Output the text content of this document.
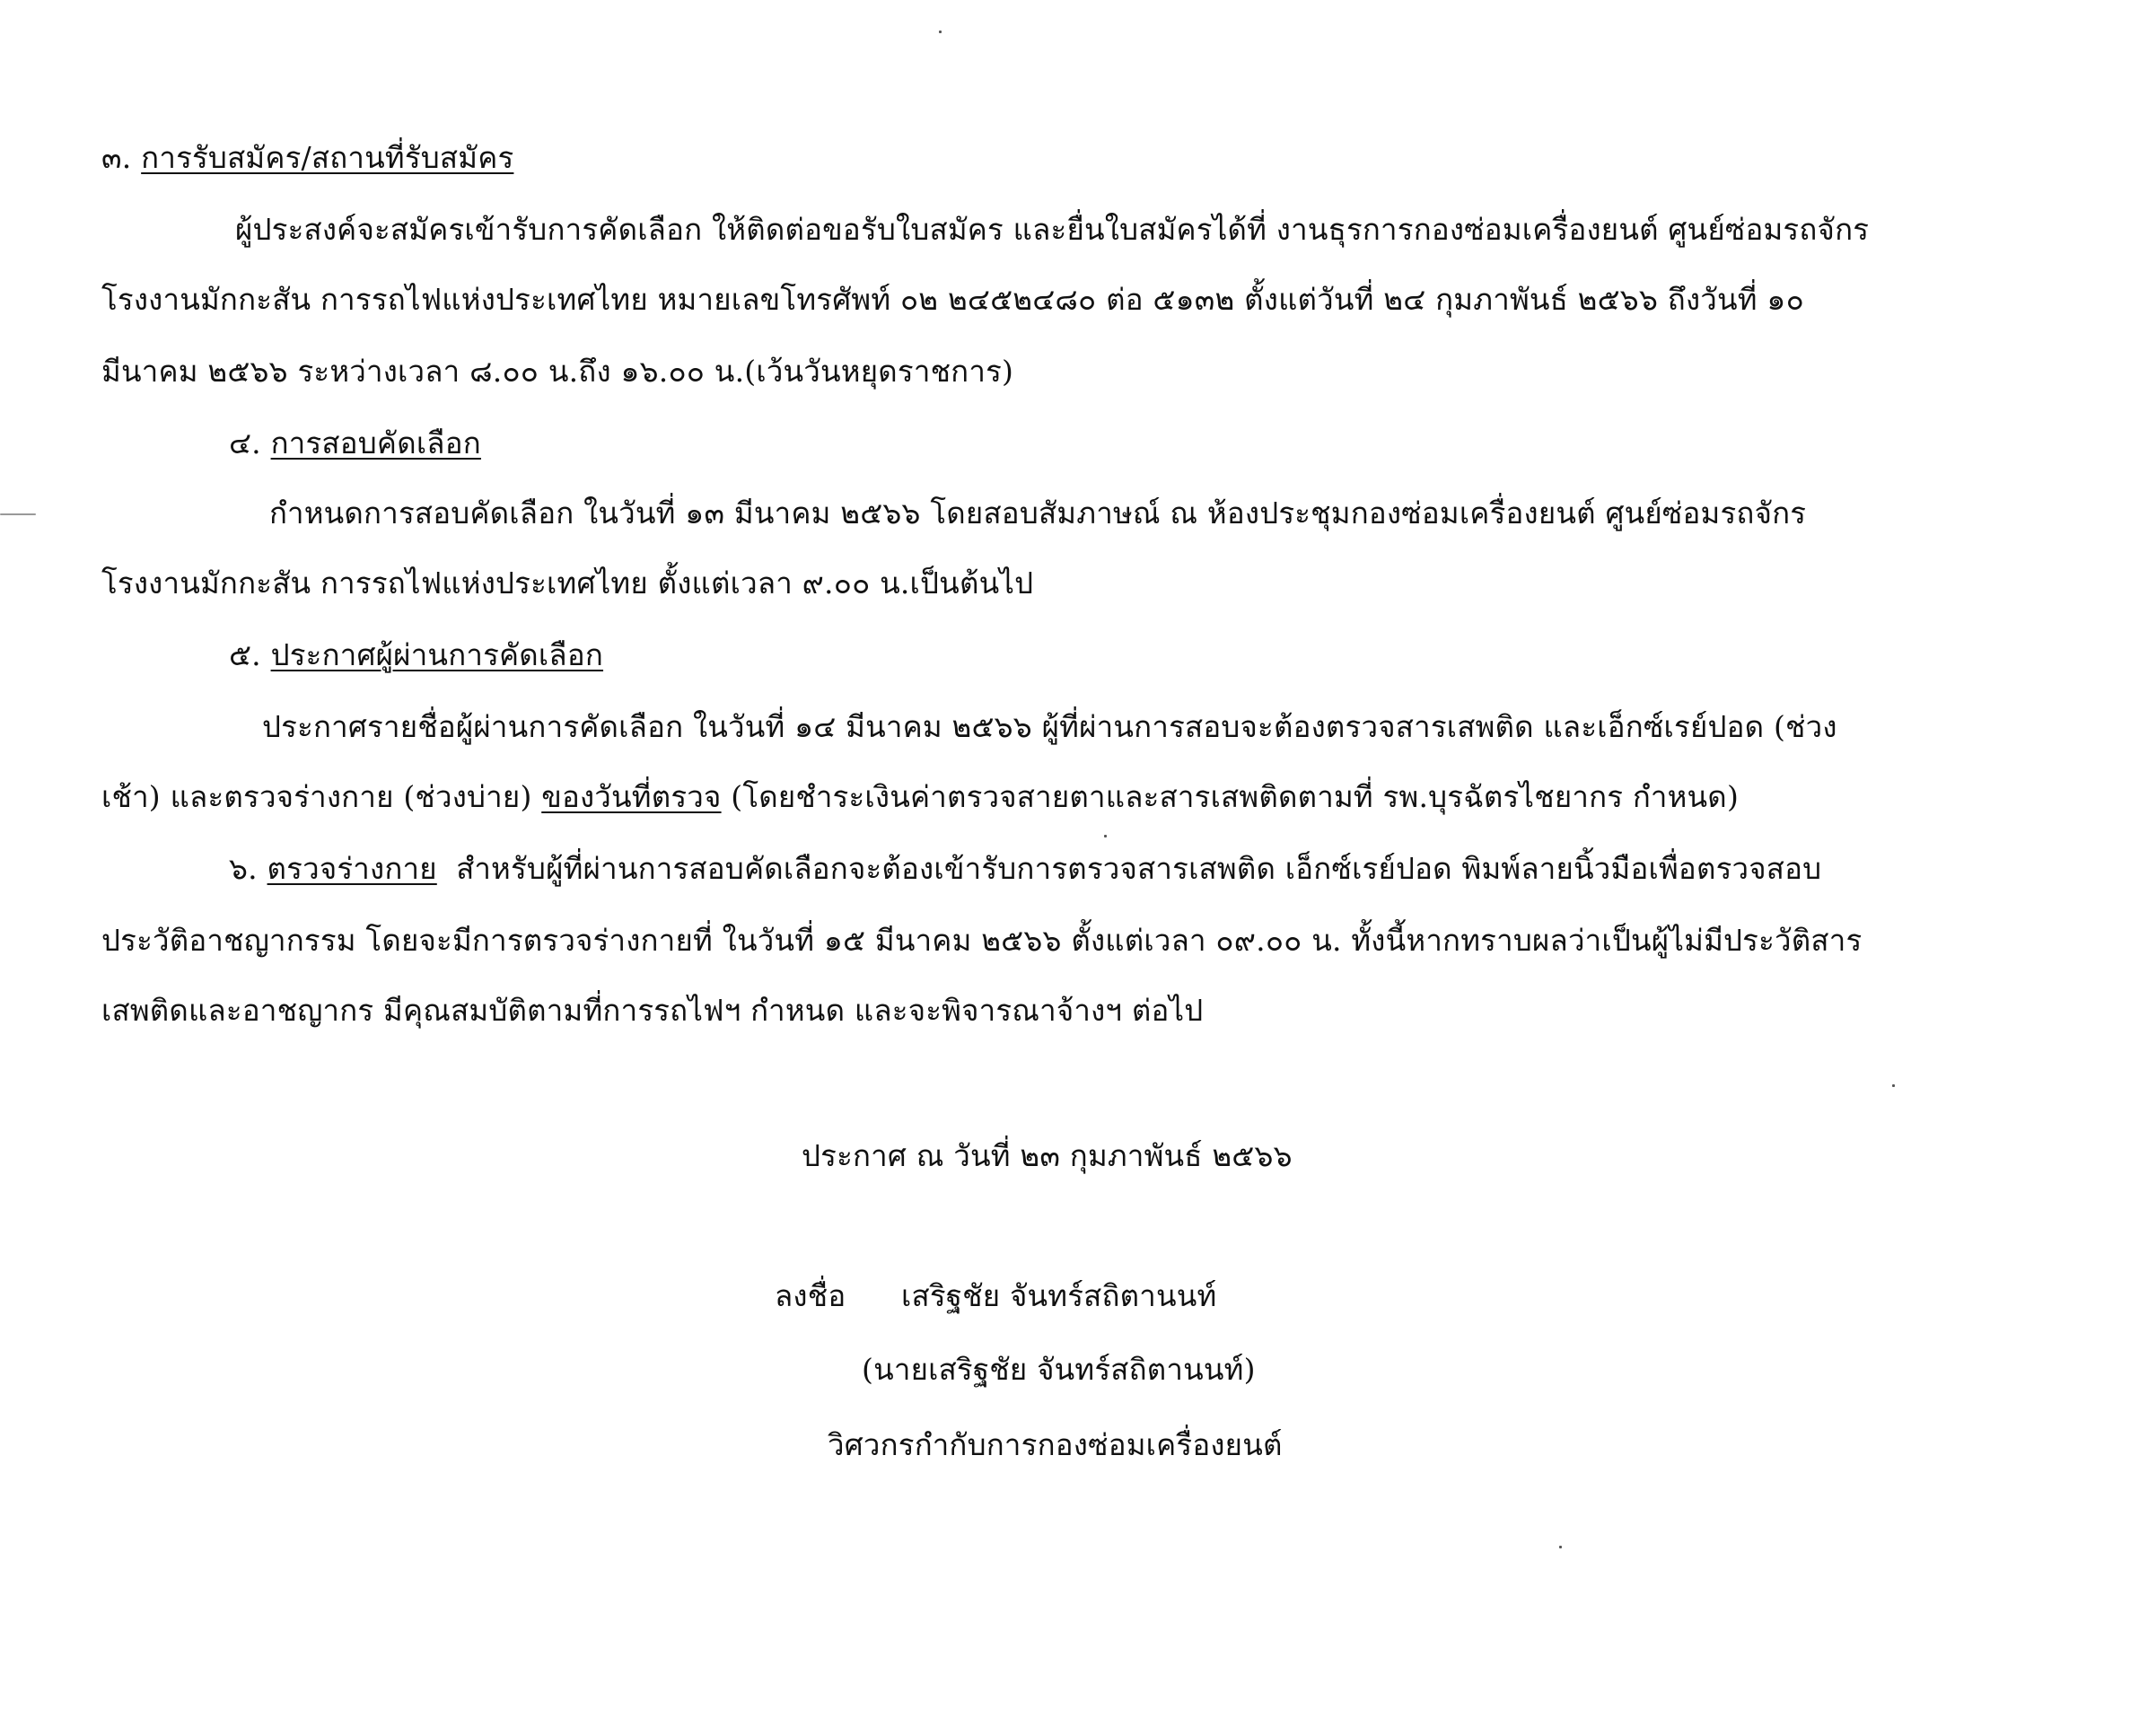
๓. การรับสมัคร/สถานที่รับสมัคร
ผู้ประสงค์จะสมัครเข้ารับการคัดเลือก ให้ติดต่อขอรับใบสมัคร และยื่นใบสมัครได้ที่ งานธุรการกองซ่อมเครื่องยนต์ ศูนย์ซ่อมรถจักร
โรงงานมักกะสัน การรถไฟแห่งประเทศไทย หมายเลขโทรศัพท์ ๐๒ ๒๔๕๒๔๘๐ ต่อ ๕๑๓๒ ตั้งแต่วันที่ ๒๔ กุมภาพันธ์ ๒๕๖๖ ถึงวันที่ ๑๐
มีนาคม ๒๕๖๖ ระหว่างเวลา ๘.๐๐ น.ถึง ๑๖.๐๐ น.(เว้นวันหยุดราชการ)
๔. การสอบคัดเลือก
กำหนดการสอบคัดเลือก ในวันที่ ๑๓ มีนาคม ๒๕๖๖ โดยสอบสัมภาษณ์ ณ ห้องประชุมกองซ่อมเครื่องยนต์ ศูนย์ซ่อมรถจักร
โรงงานมักกะสัน การรถไฟแห่งประเทศไทย ตั้งแต่เวลา ๙.๐๐ น.เป็นต้นไป
๕. ประกาศผู้ผ่านการคัดเลือก
ประกาศรายชื่อผู้ผ่านการคัดเลือก ในวันที่ ๑๔ มีนาคม ๒๕๖๖ ผู้ที่ผ่านการสอบจะต้องตรวจสารเสพติด และเอ็กซ์เรย์ปอด (ช่วง
เช้า) และตรวจร่างกาย (ช่วงบ่าย) ของวันที่ตรวจ (โดยชำระเงินค่าตรวจสายตาและสารเสพติดตามที่ รพ.บุรฉัตรไชยากร กำหนด)
๖. ตรวจร่างกาย สำหรับผู้ที่ผ่านการสอบคัดเลือกจะต้องเข้ารับการตรวจสารเสพติด เอ็กซ์เรย์ปอด พิมพ์ลายนิ้วมือเพื่อตรวจสอบ
ประวัติอาชญากรรม โดยจะมีการตรวจร่างกายที่ ในวันที่ ๑๕ มีนาคม ๒๕๖๖ ตั้งแต่เวลา ๐๙.๐๐ น. ทั้งนี้หากทราบผลว่าเป็นผู้ไม่มีประวัติสาร
เสพติดและอาชญากร มีคุณสมบัติตามที่การรถไฟฯ กำหนด และจะพิจารณาจ้างฯ ต่อไป
ประกาศ ณ วันที่ ๒๓ กุมภาพันธ์ ๒๕๖๖
ลงชื่อ เสริฐชัย จันทร์สถิตานนท์
(นายเสริฐชัย จันทร์สถิตานนท์)
วิศวกรกำกับการกองซ่อมเครื่องยนต์
